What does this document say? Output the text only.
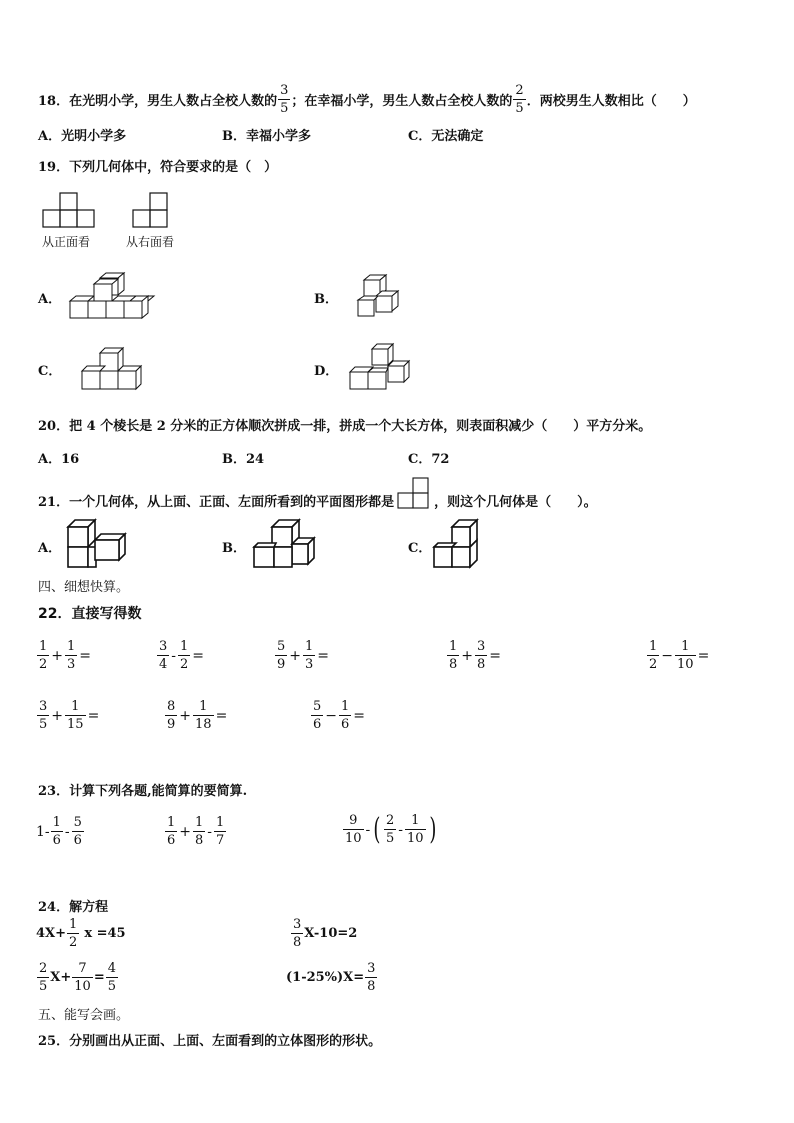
18． 在光明小学，男生人数占全校人数的 $\frac{3}{5}$ ；在幸福小学，男生人数占全校人数的 $\frac{2}{5}$ ．两校男生人数相比（　　）
A．光明小学多	B．幸福小学多	C．无法确定
19．下列几何体中，符合要求的是（　）
从正面看	从右面看
A．	B．
C．	D．
20．把 4 个棱长是 2 分米的正方体顺次拼成一排，拼成一个大长方体，则表面积减少（　　）平方分米。
A．16	B．24	C．72
21．一个几何体，从上面、正面、左面所看到的平面图形都是	，则这个几何体是（　　）。
A．	B．	C．
四、细想快算。
22．直接写得数
$\frac{1}{2} + \frac{1}{3}$ =	$\frac{3}{4} - \frac{1}{2}$ =	$\frac{5}{9} + \frac{1}{3}$ =	$\frac{1}{8} + \frac{3}{8}$ =	$\frac{1}{2} - \frac{1}{10}$ =
$\frac{3}{5} + \frac{1}{15}$ =	$\frac{8}{9} + \frac{1}{18}$ =	$\frac{5}{6} - \frac{1}{6}$ =
23．计算下列各题,能简算的要简算.
$1- \frac{1}{6} - \frac{5}{6}$	$\frac{1}{6} + \frac{1}{8} - \frac{1}{7}$	$\frac{9}{10}$ - ( $\frac{2}{5} - \frac{1}{10}$ )
24．解方程
$4X+ \frac{1}{2}$ x =45	$\frac{3}{8} X-10=2$
$\frac{2}{5} X+ \frac{7}{10} = \frac{4}{5}$	$(1-25\%)X= \frac{3}{8}$
五、能写会画。
25．分别画出从正面、上面、左面看到的立体图形的形状。
